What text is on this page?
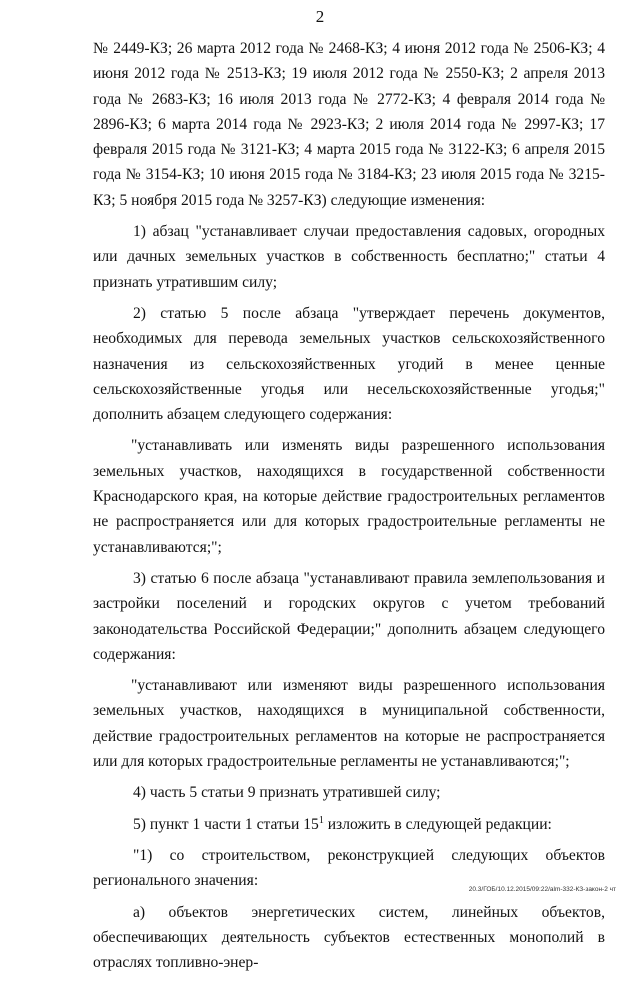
2

№ 2449-КЗ; 26 марта 2012 года № 2468-КЗ; 4 июня 2012 года № 2506-КЗ; 4 июня 2012 года № 2513-КЗ; 19 июля 2012 года № 2550-КЗ; 2 апреля 2013 года № 2683-КЗ; 16 июля 2013 года № 2772-КЗ; 4 февраля 2014 года № 2896-КЗ; 6 марта 2014 года № 2923-КЗ; 2 июля 2014 года № 2997-КЗ; 17 февраля 2015 года № 3121-КЗ; 4 марта 2015 года № 3122-КЗ; 6 апреля 2015 года № 3154-КЗ; 10 июня 2015 года № 3184-КЗ; 23 июля 2015 года № 3215-КЗ; 5 ноября 2015 года № 3257-КЗ) следующие изменения:

1) абзац "устанавливает случаи предоставления садовых, огородных или дачных земельных участков в собственность бесплатно;" статьи 4 признать утратившим силу;

2) статью 5 после абзаца "утверждает перечень документов, необходимых для перевода земельных участков сельскохозяйственного назначения из сельскохозяйственных угодий в менее ценные сельскохозяйственные угодья или несельскохозяйственные угодья;" дополнить абзацем следующего содержания:

"устанавливать или изменять виды разрешенного использования земельных участков, находящихся в государственной собственности Краснодарского края, на которые действие градостроительных регламентов не распространяется или для которых градостроительные регламенты не устанавливаются;";

3) статью 6 после абзаца "устанавливают правила землепользования и застройки поселений и городских округов с учетом требований законодательства Российской Федерации;" дополнить абзацем следующего содержания:

"устанавливают или изменяют виды разрешенного использования земельных участков, находящихся в муниципальной собственности, действие градостроительных регламентов на которые не распространяется или для которых градостроительные регламенты не устанавливаются;";

4) часть 5 статьи 9 признать утратившей силу;

5) пункт 1 части 1 статьи $15^1$ изложить в следующей редакции:

"1) со строительством, реконструкцией следующих объектов регионального значения:

а) объектов энергетических систем, линейных объектов, обеспечивающих деятельность субъектов естественных монополий в отраслях топливно-энер-

20.3/ГОБ/10.12.2015/09:22/аlm-332-КЗ-закон-2 чт
